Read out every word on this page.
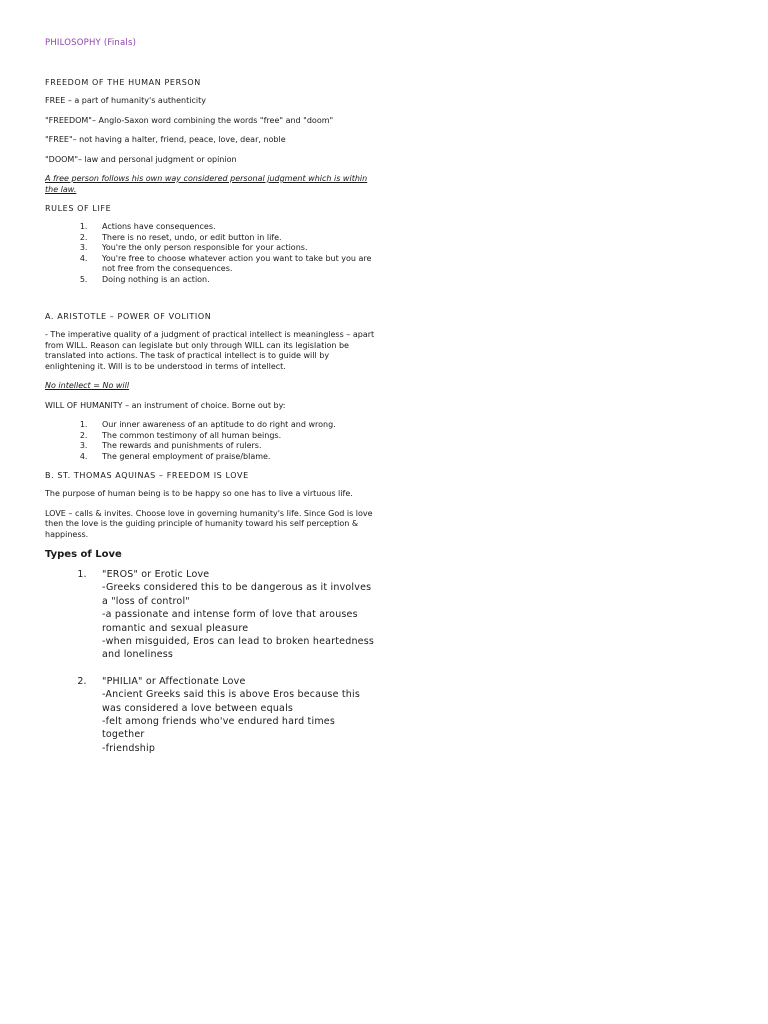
PHILOSOPHY (Finals)
FREEDOM OF THE HUMAN PERSON
FREE – a part of humanity's authenticity
"FREEDOM"– Anglo-Saxon word combining the words "free" and "doom"
"FREE"– not having a halter, friend, peace, love, dear, noble
"DOOM"– law and personal judgment or opinion
A free person follows his own way considered personal judgment which is within the law.
RULES OF LIFE
1. Actions have consequences.
2. There is no reset, undo, or edit button in life.
3. You're the only person responsible for your actions.
4. You're free to choose whatever action you want to take but you are not free from the consequences.
5. Doing nothing is an action.
A. ARISTOTLE – POWER OF VOLITION
- The imperative quality of a judgment of practical intellect is meaningless – apart from WILL. Reason can legislate but only through WILL can its legislation be translated into actions. The task of practical intellect is to guide will by enlightening it. Will is to be understood in terms of intellect.
No intellect = No will
WILL OF HUMANITY – an instrument of choice. Borne out by:
1. Our inner awareness of an aptitude to do right and wrong.
2. The common testimony of all human beings.
3. The rewards and punishments of rulers.
4. The general employment of praise/blame.
B. ST. THOMAS AQUINAS – FREEDOM IS LOVE
The purpose of human being is to be happy so one has to live a virtuous life.
LOVE – calls & invites. Choose love in governing humanity's life. Since God is love then the love is the guiding principle of humanity toward his self perception & happiness.
Types of Love
1. "EROS" or Erotic Love
-Greeks considered this to be dangerous as it involves a "loss of control"
-a passionate and intense form of love that arouses romantic and sexual pleasure
-when misguided, Eros can lead to broken heartedness and loneliness
2. "PHILIA" or Affectionate Love
-Ancient Greeks said this is above Eros because this was considered a love between equals
-felt among friends who've endured hard times together
-friendship
